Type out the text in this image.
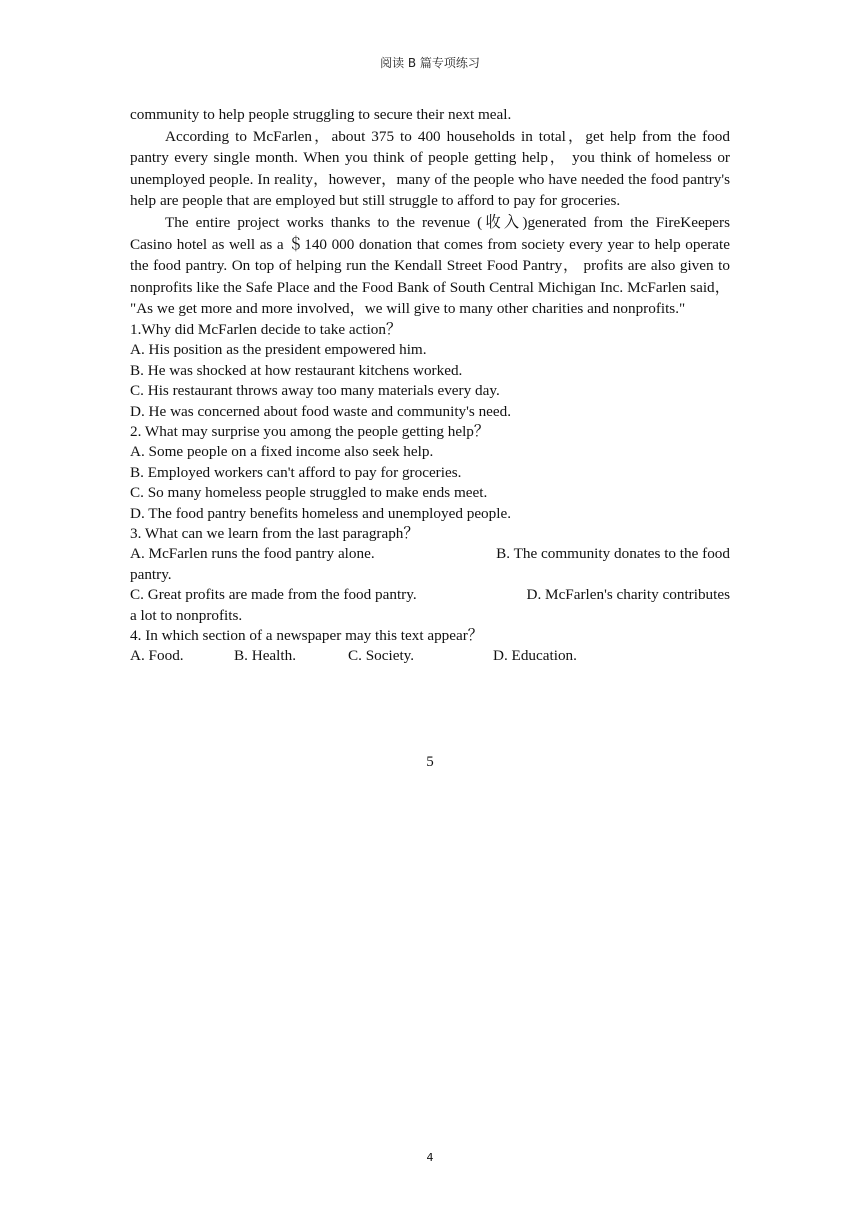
阅读 B 篇专项练习

community to help people struggling to secure their next meal.

According to McFarlen，about 375 to 400 households in total，get help from the food pantry every single month. When you think of people getting help， you think of homeless or unemployed people. In reality，however，many of the people who have needed the food pantry's help are people that are employed but still struggle to afford to pay for groceries.

The entire project works thanks to the revenue (收入)generated from the FireKeepers Casino hotel as well as a ＄140 000 donation that comes from society every year to help operate the food pantry. On top of helping run the Kendall Street Food Pantry， profits are also given to nonprofits like the Safe Place and the Food Bank of South Central Michigan Inc. McFarlen said， "As we get more and more involved，we will give to many other charities and nonprofits."

1.Why did McFarlen decide to take action？

A. His position as the president empowered him.

B. He was shocked at how restaurant kitchens worked.

C. His restaurant throws away too many materials every day.

D. He was concerned about food waste and community's need.

2. What may surprise you among the people getting help？

A. Some people on a fixed income also seek help.

B. Employed workers can't afford to pay for groceries.

C. So many homeless people struggled to make ends meet.

D. The food pantry benefits homeless and unemployed people.

3. What can we learn from the last paragraph？

A. McFarlen runs the food pantry alone.	B. The community donates to the food

pantry.

C. Great profits are made from the food pantry.	D. McFarlen's charity contributes

a lot to nonprofits.

4. In which section of a newspaper may this text appear？

A. Food.	B. Health.	C. Society.	D. Education.
5
4
